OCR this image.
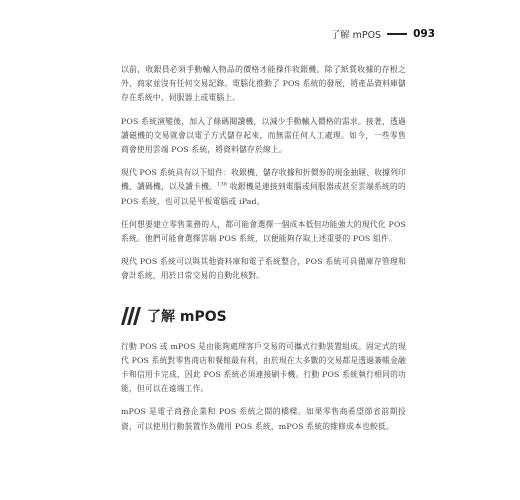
了解 mPOS	093

以前，收銀員必須手動輸入物品的價格才能操作收銀機。除了紙質收據的存根之外，商家並沒有任何交易記錄。電腦化推動了 POS 系統的發展，將產品資料庫儲存在系統中、伺服器上或電腦上。

POS 系統演變後，加入了條碼閱讀機，以減少手動輸入價格的需求。接著，透過讀磁機的交易就會以電子方式儲存起來，而無需任何人工處理。如今，一些零售商會使用雲端 POS 系統，將資料儲存於線上。

現代 POS 系統具有以下組件：收銀機、儲存收據和折價券的現金抽屜、收據列印機、讀碼機，以及讀卡機。$^{138}$ 收銀機是連接到電腦或伺服器或甚至雲端系統的的 POS 系統，也可以是平板電腦或 iPad。

任何想要建立零售業務的人，都可能會選擇一個成本低但功能強大的現代化 POS 系統。他們可能會選擇雲端 POS 系統，以便能夠存取上述重要的 POS 組件。

現代 POS 系統可以與其他資料庫和電子系統整合，POS 系統可具備庫存管理和會計系統，用於日常交易的自動化核對。

了解 mPOS

行動 POS 或 mPOS 是由能夠處理客戶交易的可攜式行動裝置組成。固定式的現代 POS 系統對零售商店和餐館最有利，由於現在大多數的交易都是透過簽帳金融卡和信用卡完成，因此 POS 系統必須連接刷卡機。行動 POS 系統執行相同的功能，但可以在遠端工作。

mPOS 是電子商務企業和 POS 系統之間的橋樑。如果零售商希望節省前期投資，可以使用行動裝置作為備用 POS 系統，mPOS 系統的維修成本也較低。
